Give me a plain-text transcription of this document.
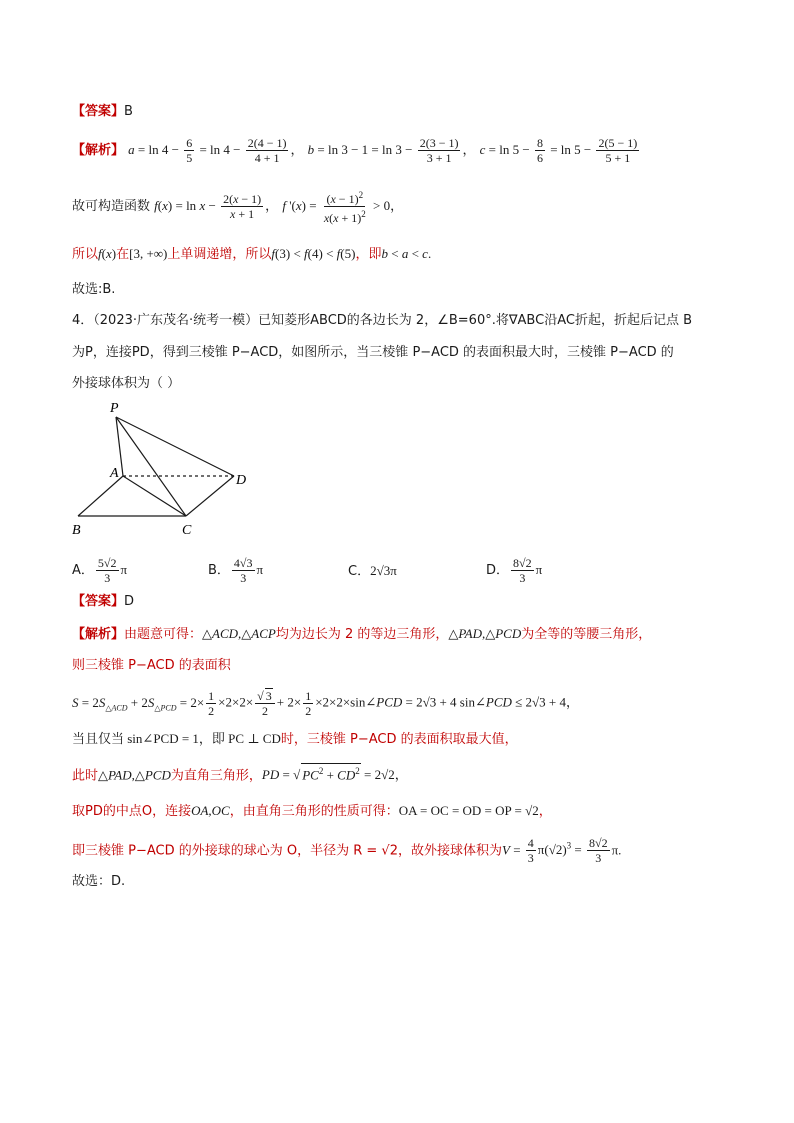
【答案】B
【解析】 $a = \ln 4 - \frac{6}{5} = \ln 4 - \frac{2(4 - 1)}{4 + 1}$ ， $b = \ln 3 - 1 = \ln 3 - \frac{2(3 - 1)}{3 + 1}$ ， $c = \ln 5 - \frac{8}{6} = \ln 5 - \frac{2(5 - 1)}{5 + 1}$
故可构造函数 $f(x) = \ln x - \frac{2(x - 1)}{x + 1}$ ， f '$(x) = \frac{(x - 1)^2}{x(x + 1)^2} > 0$，
所以f(x)在[3, +∞)上单调递增，所以f(3) < f(4) < f(5)，即b < a < c.
故选:B.
4．（2023·广东茂名·统考一模）已知菱形ABCD的各边长为 2，∠B=60°.将∇ABC沿AC折起，折起后记点 B
为P，连接PD，得到三棱锥 P−ACD，如图所示，当三棱锥 P−ACD 的表面积最大时，三棱锥 P−ACD 的
外接球体积为（ ）
P
A	D
B	C
A． $\frac{5√2}{3}$ π	B． $\frac{4√3}{3}$ π	C．2√3π	D． $\frac{8√2}{3}$ π
【答案】D
【解析】由题意可得：△ACD,△ACP均为边长为 2 的等边三角形，△PAD,△PCD为全等的等腰三角形，
则三棱锥 P−ACD 的表面积
$S = 2S_{\triangle ACD} + 2S_{\triangle PCD} = 2\times \frac{1}{2} \times 2\times 2\times \frac{√ 3}{2} + 2\times \frac{1}{2}$ ×2×2×sin∠PCD = 2√3 + 4 sin∠PCD ≤ 2√3 + 4，
当且仅当 sin∠PCD = 1，即 PC ⊥ CD时，三棱锥 P−ACD 的表面积取最大值，
此时△PAD,△PCD为直角三角形，PD = √ $PC^2 + CD^2 = 2√2$，
取PD的中点O，连接OA,OC，由直角三角形的性质可得：OA = OC = OD = OP = √2，
即三棱锥 P−ACD 的外接球的球心为 O，半径为 R = √2，故外接球体积为$V = \frac{4}{3} \pi(√2)^3 = \frac{8√2}{3} \pi$.
故选：D.
